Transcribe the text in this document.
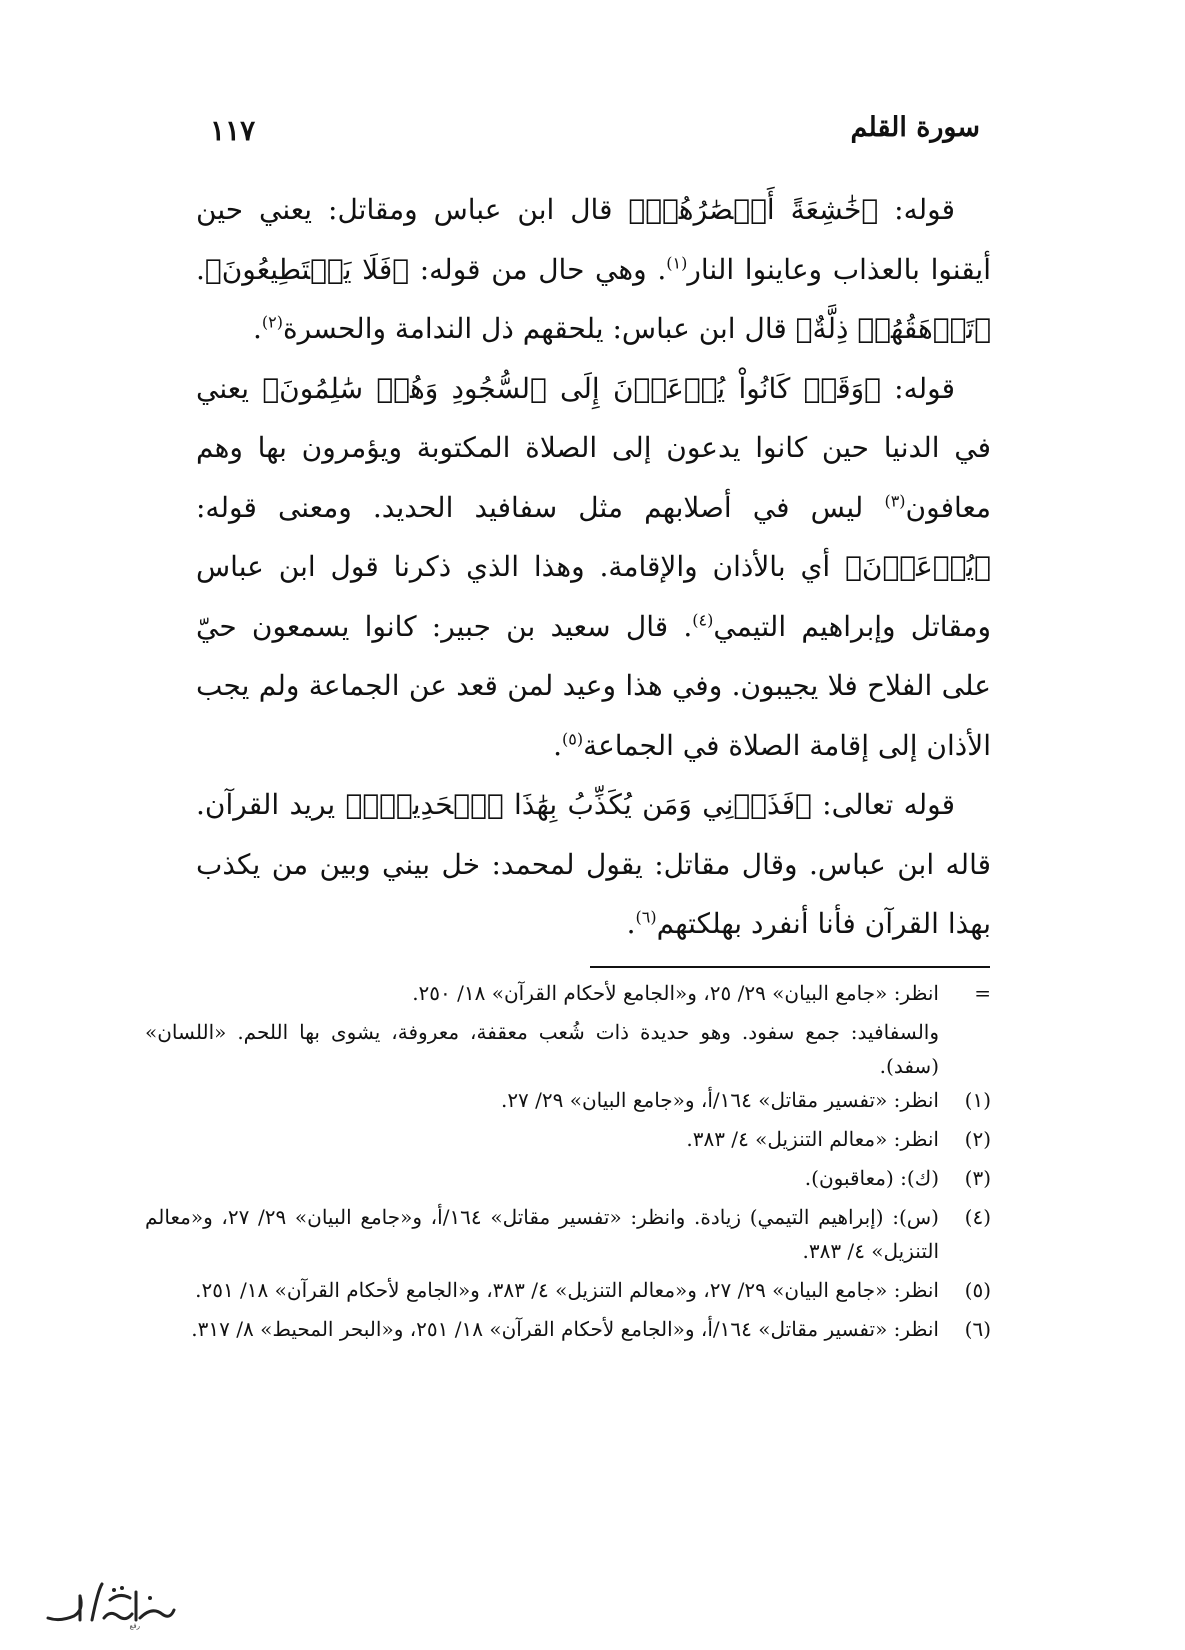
سورة القلم
١١٧

قوله: ﴿خَٰشِعَةً أَبۡصَٰرُهُمۡ﴾ قال ابن عباس ومقاتل: يعني حين أيقنوا بالعذاب وعاينوا النار$^{(١)}$. وهي حال من قوله: ﴿فَلَا يَسۡتَطِيعُونَ﴾. ﴿تَرۡهَقُهُمۡ ذِلَّةٌ﴾ قال ابن عباس: يلحقهم ذل الندامة والحسرة$^{(٢)}$.

قوله: ﴿وَقَدۡ كَانُواْ يُدۡعَوۡنَ إِلَى ٱلسُّجُودِ وَهُمۡ سَٰلِمُونَ﴾ يعني في الدنيا حين كانوا يدعون إلى الصلاة المكتوبة ويؤمرون بها وهم معافون$^{(٣)}$ ليس في أصلابهم مثل سفافيد الحديد. ومعنى قوله: ﴿يُدۡعَوۡنَ﴾ أي بالأذان والإقامة. وهذا الذي ذكرنا قول ابن عباس ومقاتل وإبراهيم التيمي$^{(٤)}$. قال سعيد بن جبير: كانوا يسمعون حيّ على الفلاح فلا يجيبون. وفي هذا وعيد لمن قعد عن الجماعة ولم يجب الأذان إلى إقامة الصلاة في الجماعة$^{(٥)}$.

قوله تعالى: ﴿فَذَرۡنِي وَمَن يُكَذِّبُ بِهَٰذَا ٱلۡحَدِيثِۖ﴾ يريد القرآن. قاله ابن عباس. وقال مقاتل: يقول لمحمد: خل بيني وبين من يكذب بهذا القرآن فأنا أنفرد بهلكتهم$^{(٦)}$.

=
انظر: «جامع البيان» ٢٩/ ٢٥، و«الجامع لأحكام القرآن» ١٨/ ٢٥٠.
والسفافيد: جمع سفود. وهو حديدة ذات شُعب معقفة، معروفة، يشوى بها اللحم. «اللسان» (سفد).
(١)
انظر: «تفسير مقاتل» ١٦٤/أ، و«جامع البيان» ٢٩/ ٢٧.
(٢)
انظر: «معالم التنزيل» ٤/ ٣٨٣.
(٣)
(ك): (معاقبون).
(٤)
(س): (إبراهيم التيمي) زيادة. وانظر: «تفسير مقاتل» ١٦٤/أ، و«جامع البيان» ٢٩/ ٢٧، و«معالم التنزيل» ٤/ ٣٨٣.
(٥)
انظر: «جامع البيان» ٢٩/ ٢٧، و«معالم التنزيل» ٤/ ٣٨٣، و«الجامع لأحكام القرآن» ١٨/ ٢٥١.
(٦)
انظر: «تفسير مقاتل» ١٦٤/أ، و«الجامع لأحكام القرآن» ١٨/ ٢٥١، و«البحر المحيط» ٨/ ٣١٧.
رفع
